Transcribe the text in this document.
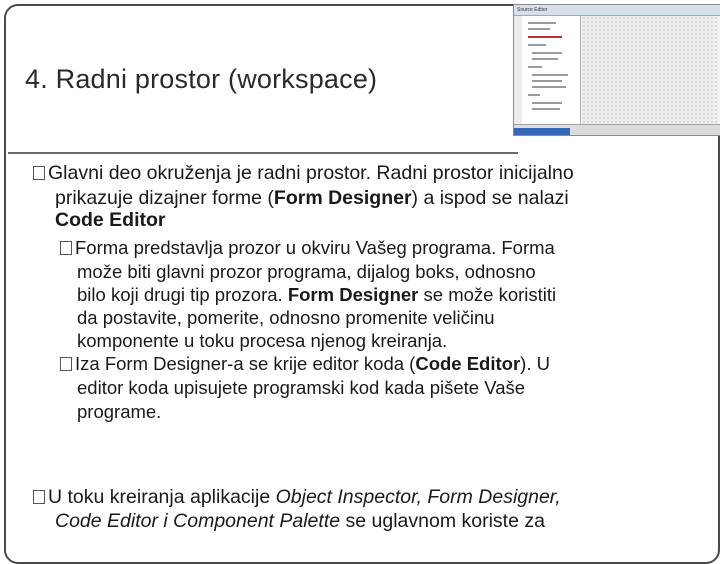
4. Radni prostor (workspace)
Source Editor
Glavni deo okruženja je radni prostor. Radni prostor inicijalno
prikazuje dizajner forme (Form Designer) a ispod se nalazi
Code Editor
Forma predstavlja prozor u okviru Vašeg programa. Forma
može biti glavni prozor programa, dijalog boks, odnosno
bilo koji drugi tip prozora. Form Designer se može koristiti
da postavite, pomerite, odnosno promenite veličinu
komponente u toku procesa njenog kreiranja.
Iza Form Designer-a se krije editor koda (Code Editor). U
editor koda upisujete programski kod kada pišete Vaše
programe.
U toku kreiranja aplikacije Object Inspector, Form Designer,
Code Editor i Component Palette se uglavnom koriste za
